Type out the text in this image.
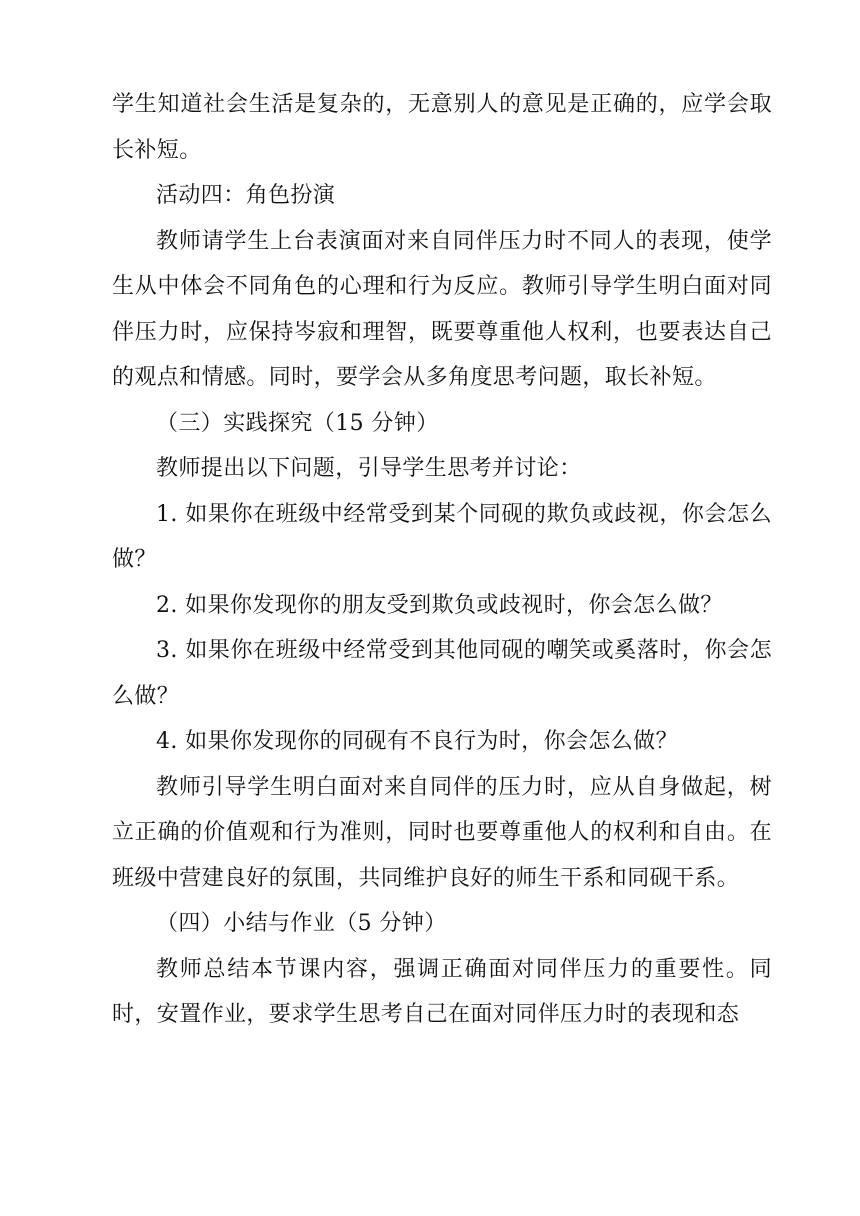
学生知道社会生活是复杂的，无意别人的意见是正确的，应学会取长补短。

活动四：角色扮演

教师请学生上台表演面对来自同伴压力时不同人的表现，使学生从中体会不同角色的心理和行为反应。教师引导学生明白面对同伴压力时，应保持岑寂和理智，既要尊重他人权利，也要表达自己的观点和情感。同时，要学会从多角度思考问题，取长补短。

（三）实践探究（15 分钟）

教师提出以下问题，引导学生思考并讨论：

1. 如果你在班级中经常受到某个同砚的欺负或歧视，你会怎么做？

2. 如果你发现你的朋友受到欺负或歧视时，你会怎么做？

3. 如果你在班级中经常受到其他同砚的嘲笑或奚落时，你会怎么做？

4. 如果你发现你的同砚有不良行为时，你会怎么做？

教师引导学生明白面对来自同伴的压力时，应从自身做起，树立正确的价值观和行为准则，同时也要尊重他人的权利和自由。在班级中营建良好的氛围，共同维护良好的师生干系和同砚干系。

（四）小结与作业（5 分钟）

教师总结本节课内容，强调正确面对同伴压力的重要性。同时，安置作业，要求学生思考自己在面对同伴压力时的表现和态
